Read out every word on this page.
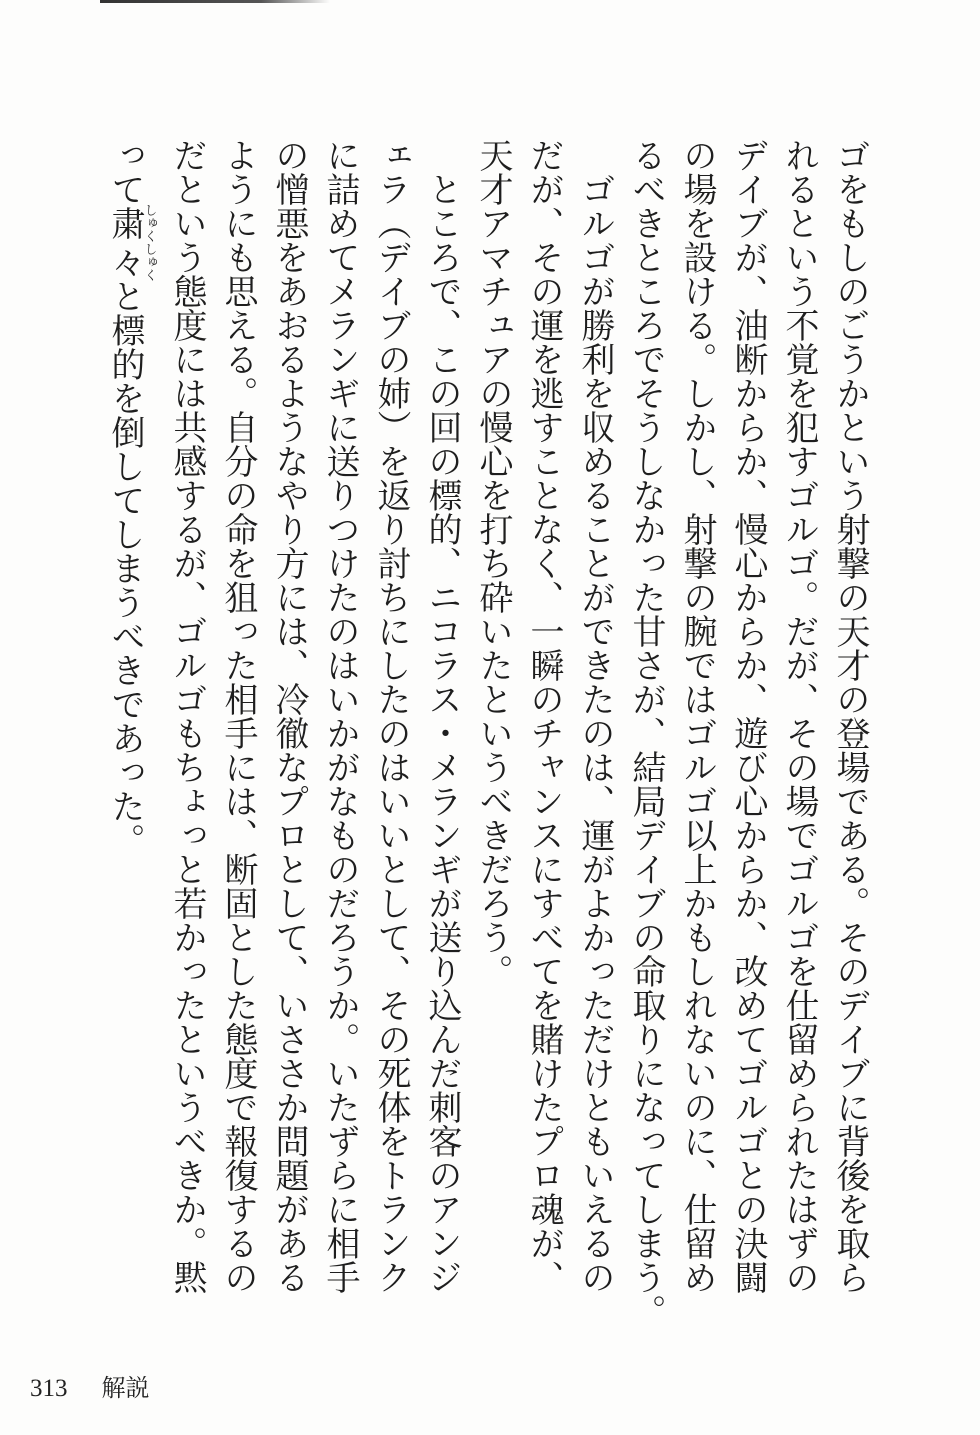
ゴをもしのごうかという射撃の天才の登場である。そのデイブに背後を取ら
れるという不覚を犯すゴルゴ。だが、その場でゴルゴを仕留められたはずの
デイブが、油断からか、慢心からか、遊び心からか、改めてゴルゴとの決闘
の場を設ける。しかし、射撃の腕ではゴルゴ以上かもしれないのに、仕留め
るべきところでそうしなかった甘さが、結局デイブの命取りになってしまう。
　ゴルゴが勝利を収めることができたのは、運がよかっただけともいえるの
だが、その運を逃すことなく、一瞬のチャンスにすべてを賭けたプロ魂が、
天才アマチュアの慢心を打ち砕いたというべきだろう。
　ところで、この回の標的、ニコラス・メランギが送り込んだ刺客のアンジ
ェラ（デイブの姉）を返り討ちにしたのはいいとして、その死体をトランク
に詰めてメランギに送りつけたのはいかがなものだろうか。いたずらに相手
の憎悪をあおるようなやり方には、冷徹なプロとして、いささか問題がある
ようにも思える。自分の命を狙った相手には、断固とした態度で報復するの
だという態度には共感するが、ゴルゴもちょっと若かったというべきか。黙
って粛々しゅくしゅくと標的を倒してしまうべきであった。
313 解説
